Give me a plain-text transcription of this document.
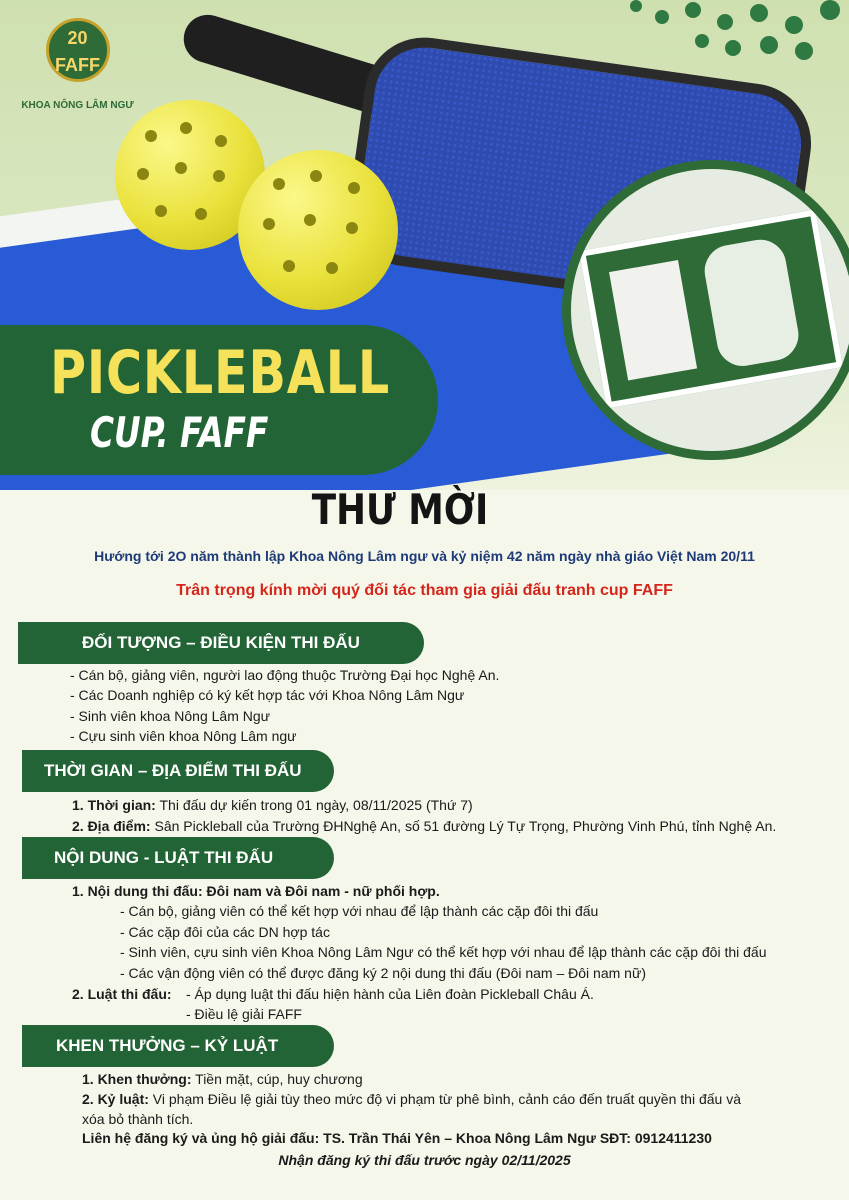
20
FAFF
KHOA NÔNG LÂM NGƯ
PICKLEBALL
CUP. FAFF
THƯ MỜI
Hướng tới 2O năm thành lập Khoa Nông Lâm ngư và kỷ niệm 42 năm ngày nhà giáo Việt Nam 20/11
Trân trọng kính mời quý đối tác tham gia giải đấu tranh cup FAFF
ĐỐI TƯỢNG – ĐIỀU KIỆN THI ĐẤU
- Cán bộ, giảng viên, người lao động thuộc Trường Đại học Nghệ An.
- Các Doanh nghiệp có ký kết hợp tác với Khoa Nông Lâm Ngư
- Sinh viên khoa Nông Lâm Ngư
- Cựu sinh viên khoa Nông Lâm ngư
THỜI GIAN – ĐỊA ĐIỂM THI ĐẤU
1. Thời gian: Thi đấu dự kiến trong 01 ngày, 08/11/2025 (Thứ 7)
2. Địa điểm: Sân Pickleball của Trường ĐHNghệ An, số 51 đường Lý Tự Trọng, Phường Vinh Phú, tỉnh Nghệ An.
NỘI DUNG - LUẬT THI ĐẤU
1. Nội dung thi đấu: Đôi nam và Đôi nam - nữ phối hợp.
- Cán bộ, giảng viên có thể kết hợp với nhau để lập thành các cặp đôi thi đấu
- Các cặp đôi của các DN hợp tác
- Sinh viên, cựu sinh viên Khoa Nông Lâm Ngư có thể kết hợp với nhau để lập thành các cặp đôi thi đấu
- Các vận động viên có thể được đăng ký 2 nội dung thi đấu (Đôi nam – Đôi nam nữ)
2. Luật thi đấu: - Áp dụng luật thi đấu hiện hành của Liên đoàn Pickleball Châu Á.
- Điều lệ giải FAFF
KHEN THƯỞNG – KỶ LUẬT
1. Khen thưởng: Tiền mặt, cúp, huy chương
2. Kỷ luật: Vi phạm Điều lệ giải tùy theo mức độ vi phạm từ phê bình, cảnh cáo đến truất quyền thi đấu và
xóa bỏ thành tích.
Liên hệ đăng ký và ủng hộ giải đấu: TS. Trần Thái Yên – Khoa Nông Lâm Ngư SĐT: 0912411230
Nhận đăng ký thi đấu trước ngày 02/11/2025
